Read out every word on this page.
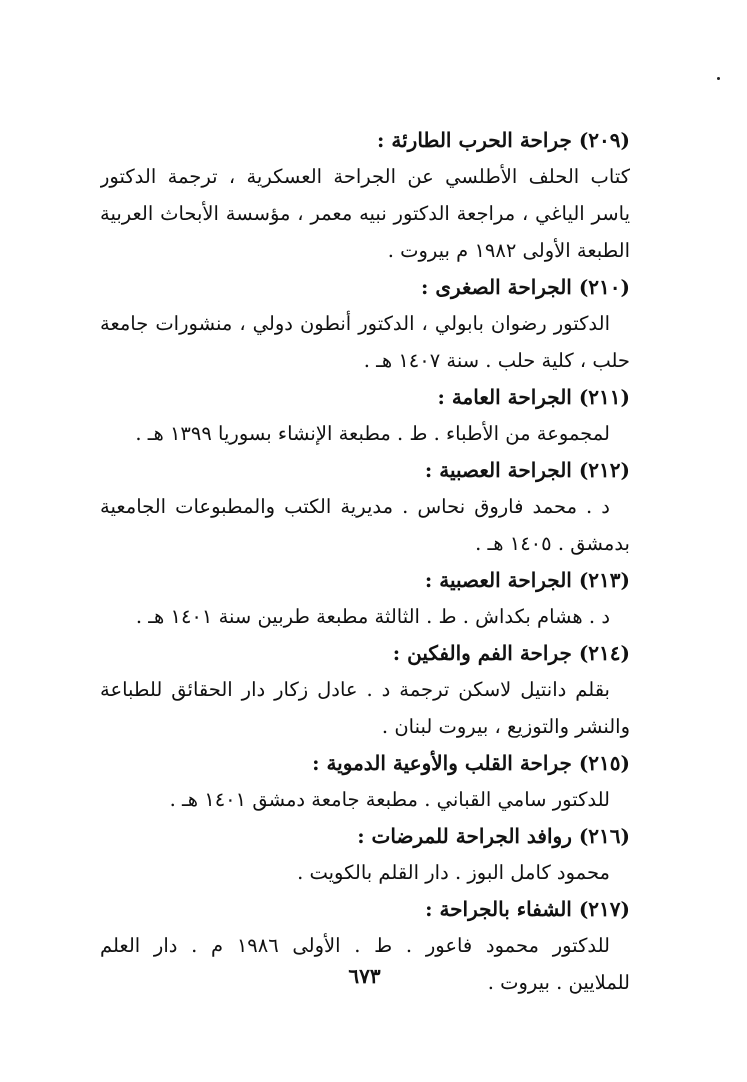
(٢٠٩) جراحة الحرب الطارئة :
كتاب الحلف الأطلسي عن الجراحة العسكرية ، ترجمة الدكتور
ياسر الياغي ، مراجعة الدكتور نبيه معمر ، مؤسسة الأبحاث العربية
الطبعة الأولى ١٩٨٢ م بيروت .
(٢١٠) الجراحة الصغرى :
الدكتور رضوان بابولي ، الدكتور أنطون دولي ، منشورات جامعة
حلب ، كلية حلب . سنة ١٤٠٧ هـ .
(٢١١) الجراحة العامة :
لمجموعة من الأطباء . ط . مطبعة الإنشاء بسوريا ١٣٩٩ هـ .
(٢١٢) الجراحة العصبية :
د . محمد فاروق نحاس . مديرية الكتب والمطبوعات الجامعية
بدمشق . ١٤٠٥ هـ .
(٢١٣) الجراحة العصبية :
د . هشام بكداش . ط . الثالثة مطبعة طربين سنة ١٤٠١ هـ .
(٢١٤) جراحة الفم والفكين :
بقلم دانتيل لاسكن ترجمة د . عادل زكار دار الحقائق للطباعة
والنشر والتوزيع ، بيروت لبنان .
(٢١٥) جراحة القلب والأوعية الدموية :
للدكتور سامي القباني . مطبعة جامعة دمشق ١٤٠١ هـ .
(٢١٦) روافد الجراحة للمرضات :
محمود كامل البوز . دار القلم بالكويت .
(٢١٧) الشفاء بالجراحة :
للدكتور محمود فاعور . ط . الأولى ١٩٨٦ م . دار العلم
للملايين . بيروت .
٦٧٣
